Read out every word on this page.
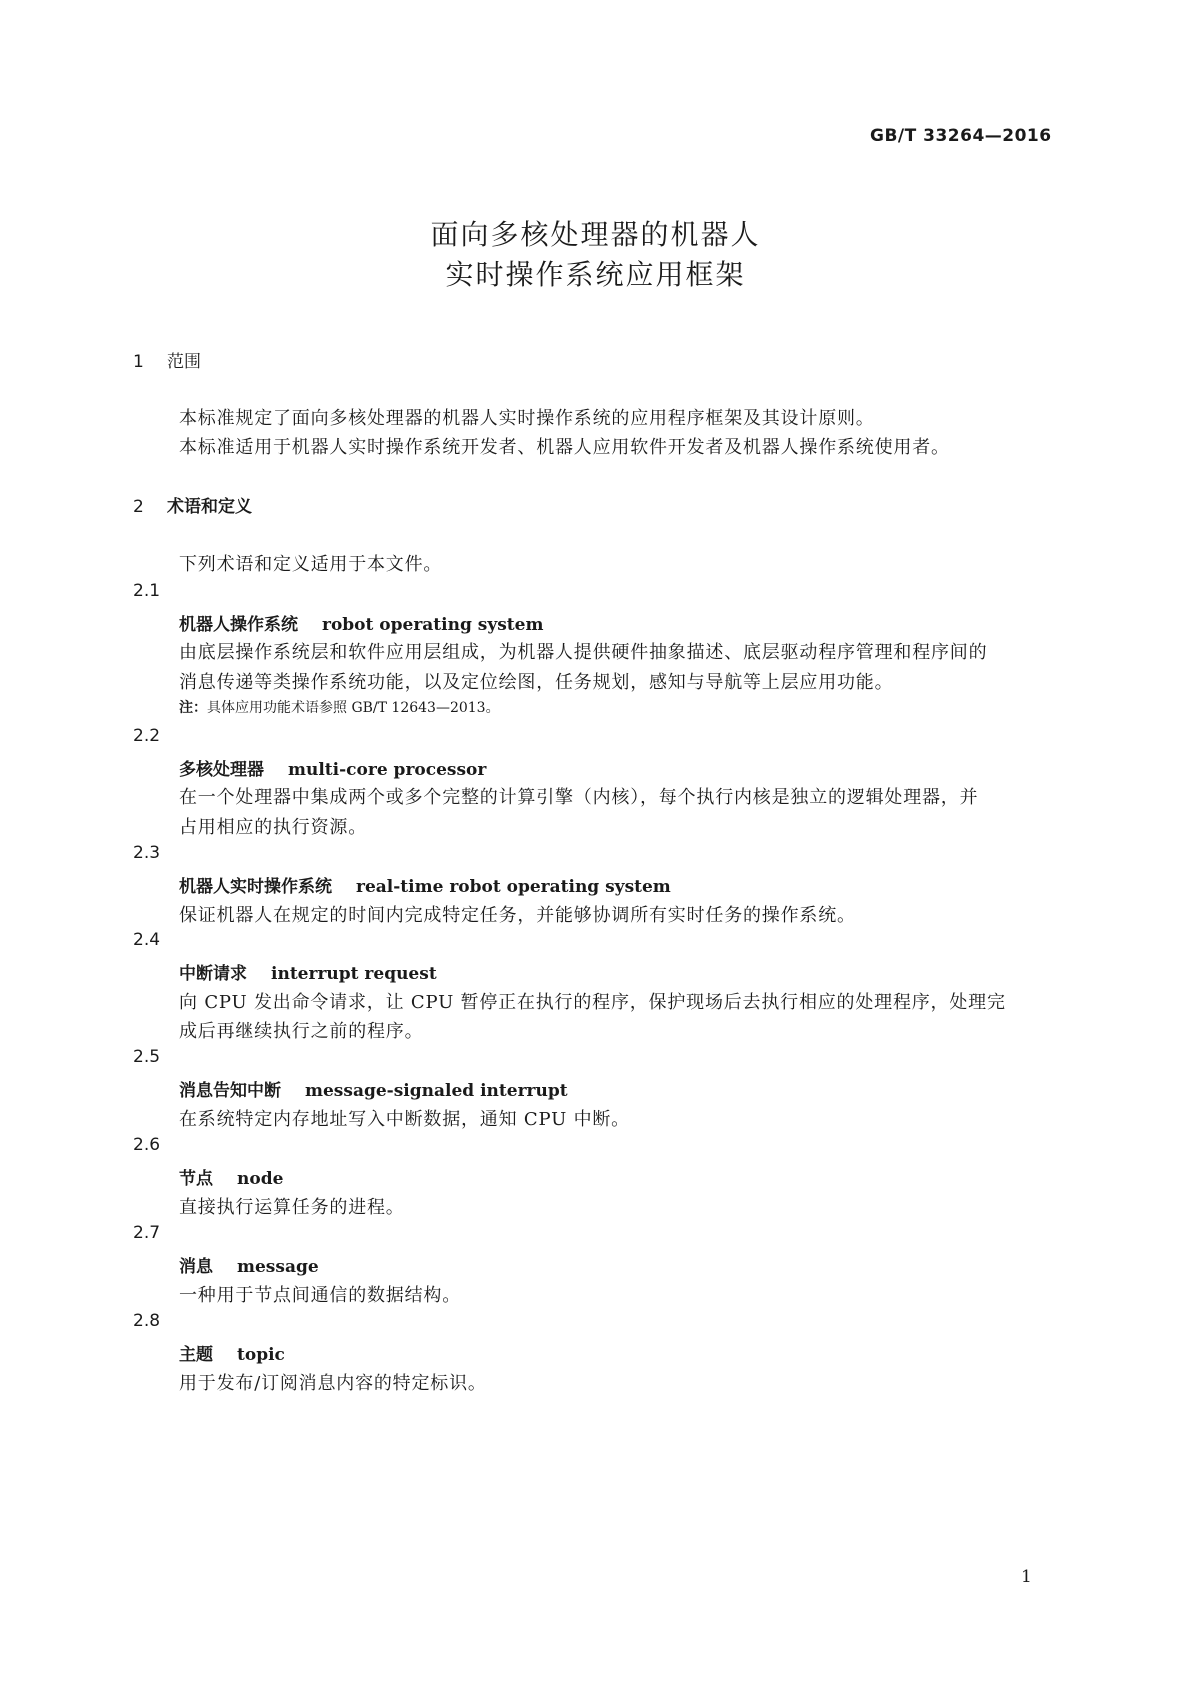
GB/T 33264—2016
面向多核处理器的机器人
实时操作系统应用框架
1 范围
本标准规定了面向多核处理器的机器人实时操作系统的应用程序框架及其设计原则。
本标准适用于机器人实时操作系统开发者、机器人应用软件开发者及机器人操作系统使用者。
2 术语和定义
下列术语和定义适用于本文件。
2.1
机器人操作系统 robot operating system
由底层操作系统层和软件应用层组成，为机器人提供硬件抽象描述、底层驱动程序管理和程序间的
消息传递等类操作系统功能，以及定位绘图，任务规划，感知与导航等上层应用功能。
注：具体应用功能术语参照 GB/T 12643—2013。
2.2
多核处理器 multi-core processor
在一个处理器中集成两个或多个完整的计算引擎（内核），每个执行内核是独立的逻辑处理器，并
占用相应的执行资源。
2.3
机器人实时操作系统 real-time robot operating system
保证机器人在规定的时间内完成特定任务，并能够协调所有实时任务的操作系统。
2.4
中断请求 interrupt request
向 CPU 发出命令请求，让 CPU 暂停正在执行的程序，保护现场后去执行相应的处理程序，处理完
成后再继续执行之前的程序。
2.5
消息告知中断 message-signaled interrupt
在系统特定内存地址写入中断数据，通知 CPU 中断。
2.6
节点 node
直接执行运算任务的进程。
2.7
消息 message
一种用于节点间通信的数据结构。
2.8
主题 topic
用于发布/订阅消息内容的特定标识。
1
